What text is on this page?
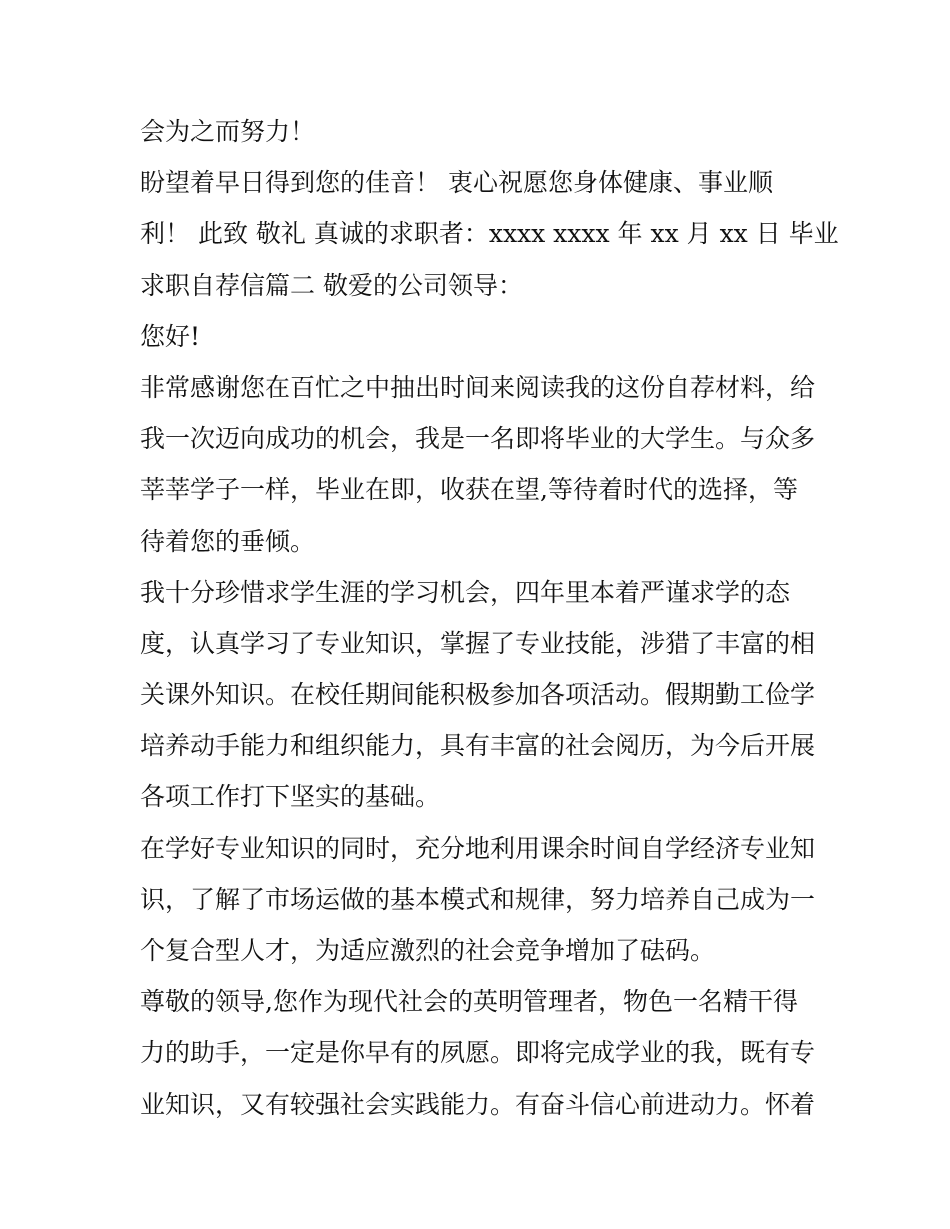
会为之而努力！
盼望着早日得到您的佳音！ 衷心祝愿您身体健康、事业顺
利！ 此致 敬礼 真诚的求职者：xxxx xxxx 年 xx 月 xx 日 毕业
求职自荐信篇二 敬爱的公司领导：
您好!
非常感谢您在百忙之中抽出时间来阅读我的这份自荐材料，给
我一次迈向成功的机会，我是一名即将毕业的大学生。与众多
莘莘学子一样，毕业在即，收获在望,等待着时代的选择，等
待着您的垂倾。
我十分珍惜求学生涯的学习机会，四年里本着严谨求学的态
度，认真学习了专业知识，掌握了专业技能，涉猎了丰富的相
关课外知识。在校任期间能积极参加各项活动。假期勤工俭学
培养动手能力和组织能力，具有丰富的社会阅历，为今后开展
各项工作打下坚实的基础。
在学好专业知识的同时，充分地利用课余时间自学经济专业知
识，了解了市场运做的基本模式和规律，努力培养自己成为一
个复合型人才，为适应激烈的社会竞争增加了砝码。
尊敬的领导,您作为现代社会的英明管理者，物色一名精干得
力的助手，一定是你早有的夙愿。即将完成学业的我，既有专
业知识，又有较强社会实践能力。有奋斗信心前进动力。怀着
